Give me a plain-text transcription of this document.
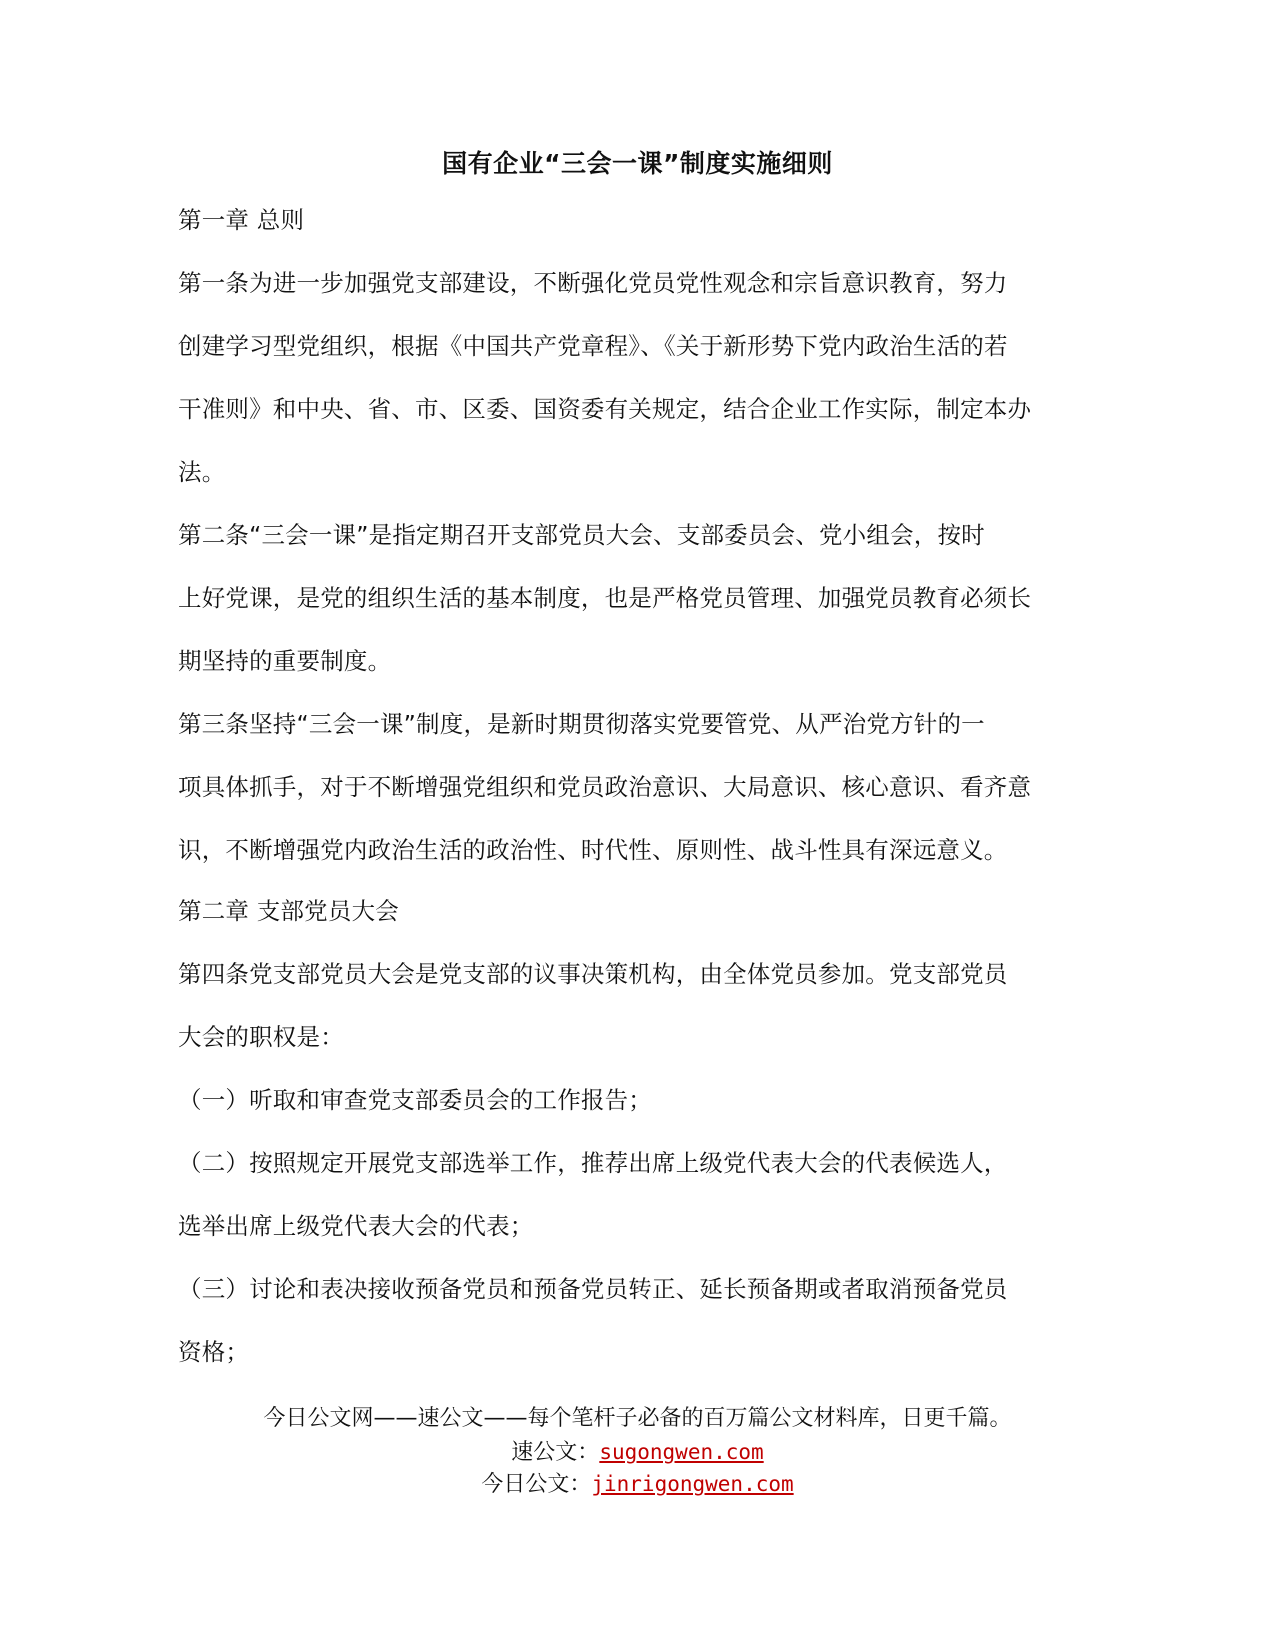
国有企业“三会一课”制度实施细则
第一章 总则
第一条为进一步加强党支部建设，不断强化党员党性观念和宗旨意识教育，努力
创建学习型党组织，根据《中国共产党章程》、《关于新形势下党内政治生活的若
干准则》和中央、省、市、区委、国资委有关规定，结合企业工作实际，制定本办
法。
第二条“三会一课”是指定期召开支部党员大会、支部委员会、党小组会，按时
上好党课，是党的组织生活的基本制度，也是严格党员管理、加强党员教育必须长
期坚持的重要制度。
第三条坚持“三会一课”制度，是新时期贯彻落实党要管党、从严治党方针的一
项具体抓手，对于不断增强党组织和党员政治意识、大局意识、核心意识、看齐意
识，不断增强党内政治生活的政治性、时代性、原则性、战斗性具有深远意义。
第二章 支部党员大会
第四条党支部党员大会是党支部的议事决策机构，由全体党员参加。党支部党员
大会的职权是：
（一）听取和审查党支部委员会的工作报告；
（二）按照规定开展党支部选举工作，推荐出席上级党代表大会的代表候选人，
选举出席上级党代表大会的代表；
（三）讨论和表决接收预备党员和预备党员转正、延长预备期或者取消预备党员
资格；
今日公文网——速公文——每个笔杆子必备的百万篇公文材料库，日更千篇。
速公文：sugongwen.com
今日公文：jinrigongwen.com
